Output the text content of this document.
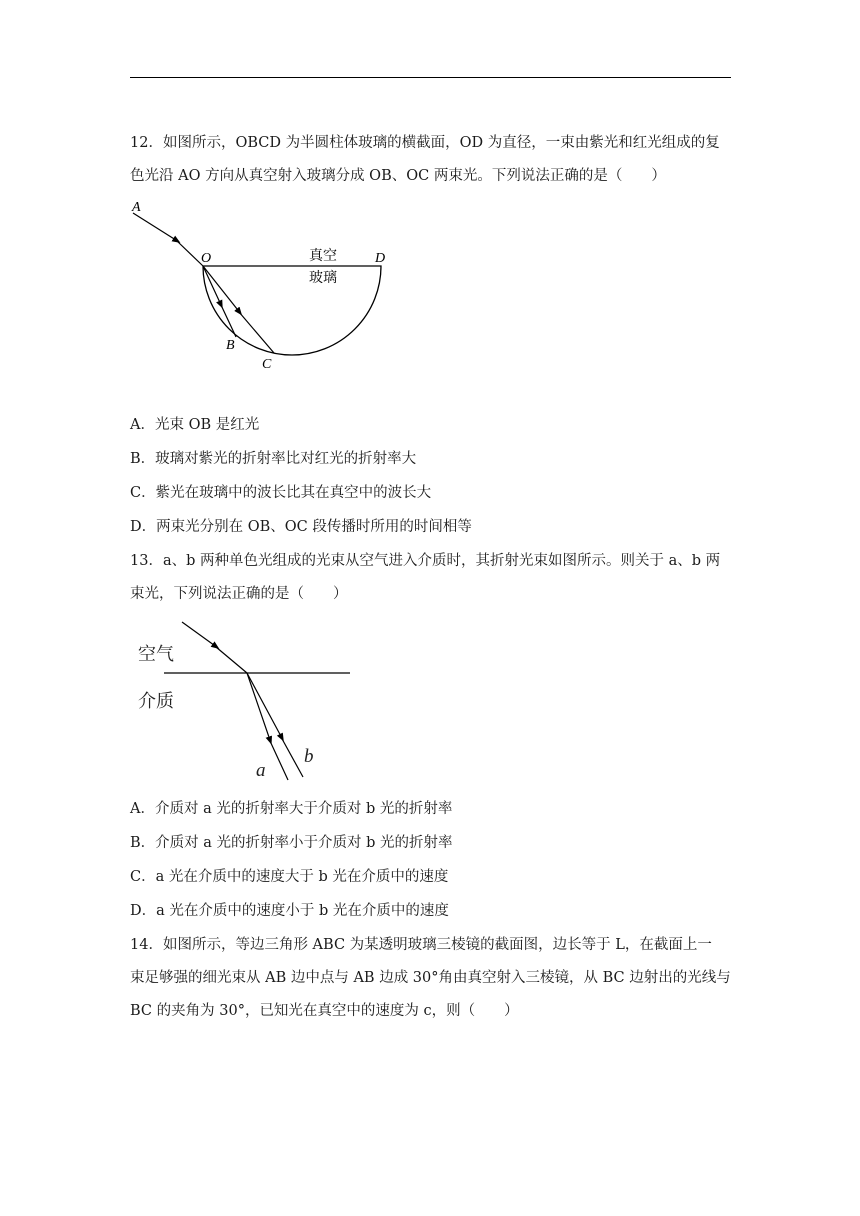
12．如图所示，OBCD 为半圆柱体玻璃的横截面，OD 为直径，一束由紫光和红光组成的复
色光沿 AO 方向从真空射入玻璃分成 OB、OC 两束光。下列说法正确的是（　　）
A
O	D
真空
玻璃
B
C
A．光束 OB 是红光
B．玻璃对紫光的折射率比对红光的折射率大
C．紫光在玻璃中的波长比其在真空中的波长大
D．两束光分别在 OB、OC 段传播时所用的时间相等
13．a、b 两种单色光组成的光束从空气进入介质时，其折射光束如图所示。则关于 a、b 两
束光，下列说法正确的是（　　）
空气
介质
a
b
A．介质对 a 光的折射率大于介质对 b 光的折射率
B．介质对 a 光的折射率小于介质对 b 光的折射率
C．a 光在介质中的速度大于 b 光在介质中的速度
D．a 光在介质中的速度小于 b 光在介质中的速度
14．如图所示，等边三角形 ABC 为某透明玻璃三棱镜的截面图，边长等于 L，在截面上一
束足够强的细光束从 AB 边中点与 AB 边成 30°角由真空射入三棱镜，从 BC 边射出的光线与
BC 的夹角为 30°，已知光在真空中的速度为 c，则（　　）
